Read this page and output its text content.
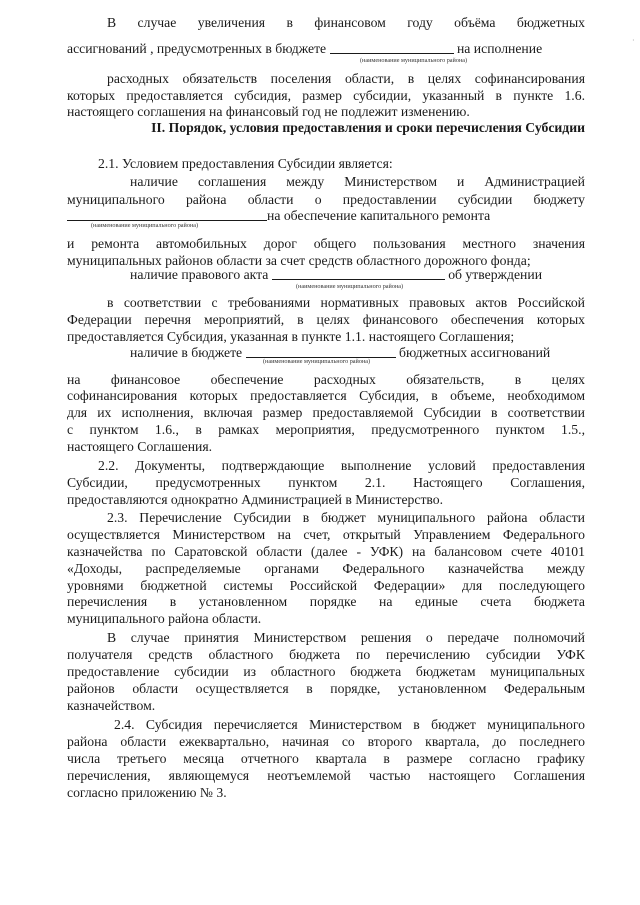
В случае увеличения в финансовом году объёма бюджетных
ассигнований , предусмотренных в бюджете	на исполнение
(наименование муниципального района)
расходных обязательств поселения области, в целях софинансирования
которых предоставляется субсидия, размер субсидии, указанный в пункте 1.6.
настоящего соглашения на финансовый год не подлежит изменению.
II. Порядок, условия предоставления и сроки перечисления Субсидии
2.1. Условием предоставления Субсидии является:
наличие соглашения между Министерством и Администрацией
муниципального района области о предоставлении субсидии бюджету
на обеспечение капитального ремонта
(наименование муниципального района)
и ремонта автомобильных дорог общего пользования местного значения
муниципальных районов области за счет средств областного дорожного фонда;
наличие правового акта	об утверждении
(наименование муниципального района)
в соответствии с требованиями нормативных правовых актов Российской
Федерации перечня мероприятий, в целях финансового обеспечения которых
предоставляется Субсидия, указанная в пункте 1.1. настоящего Соглашения;
наличие в бюджете	бюджетных ассигнований
(наименование муниципального района)
на финансовое обеспечение расходных обязательств, в целях
софинансирования которых предоставляется Субсидия, в объеме, необходимом
для их исполнения, включая размер предоставляемой Субсидии в соответствии
с пунктом 1.6., в рамках мероприятия, предусмотренного пунктом 1.5.,
настоящего Соглашения.
2.2. Документы, подтверждающие выполнение условий предоставления
Субсидии, предусмотренных пунктом 2.1. Настоящего Соглашения,
предоставляются однократно Администрацией в Министерство.
2.3. Перечисление Субсидии в бюджет муниципального района области
осуществляется Министерством на счет, открытый Управлением Федерального
казначейства по Саратовской области (далее - УФК) на балансовом счете 40101
«Доходы, распределяемые органами Федерального казначейства между
уровнями бюджетной системы Российской Федерации» для последующего
перечисления в установленном порядке на единые счета бюджета
муниципального района области.
В случае принятия Министерством решения о передаче полномочий
получателя средств областного бюджета по перечислению субсидии УФК
предоставление субсидии из областного бюджета бюджетам муниципальных
районов области осуществляется в порядке, установленном Федеральным
казначейством.
2.4. Субсидия перечисляется Министерством в бюджет муниципального
района области ежеквартально, начиная со второго квартала, до последнего
числа третьего месяца отчетного квартала в размере согласно графику
перечисления, являющемуся неотъемлемой частью настоящего Соглашения
согласно приложению № 3.
·
